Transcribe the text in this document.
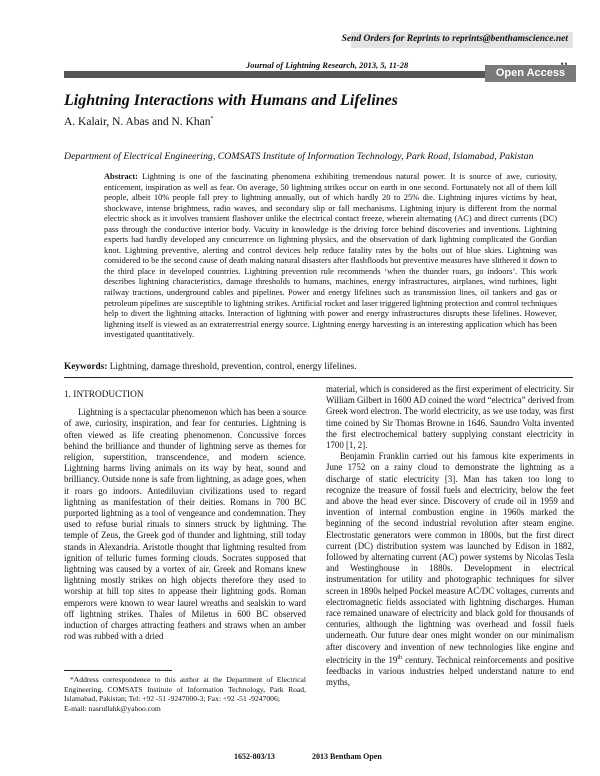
Send Orders for Reprints to reprints@benthamscience.net
Journal of Lightning Research, 2013, 5, 11-28
Open Access
Lightning Interactions with Humans and Lifelines
A. Kalair, N. Abas and N. Khan*
Department of Electrical Engineering, COMSATS Institute of Information Technology, Park Road, Islamabad, Pakistan
Abstract: Lightning is one of the fascinating phenomena exhibiting tremendous natural power. It is source of awe, curiosity, enticement, inspiration as well as fear. On average, 50 lightning strikes occur on earth in one second. Fortunately not all of them kill people, albeit 10% people fall prey to lightning annually, out of which hardly 20 to 25% die. Lightning injures victims by heat, shockwave, intense brightness, radio waves, and secondary slip or fall mechanisms. Lightning injury is different from the normal electric shock as it involves transient flashover unlike the electrical contact freeze, wherein alternating (AC) and direct currents (DC) pass through the conductive interior body. Vacuity in knowledge is the driving force behind discoveries and inventions. Lightning experts had hardly developed any concurrence on lightning physics, and the observation of dark lightning complicated the Gordian knot. Lightning preventive, alerting and control devices help reduce fatality rates by the bolts out of blue skies. Lightning was considered to be the second cause of death making natural disasters after flashfloods but preventive measures have slithered it down to the third place in developed countries. Lightning prevention rule recommends ‘when the thunder roars, go indoors’. This work describes lightning characteristics, damage thresholds to humans, machines, energy infrastructures, airplanes, wind turbines, light railway tractions, underground cables and pipelines. Power and energy lifelines such as transmission lines, oil tankers and gas or petroleum pipelines are susceptible to lightning strikes. Artificial rocket and laser triggered lightning protection and control techniques help to divert the lightning attacks. Interaction of lightning with power and energy infrastructures disrupts these lifelines. However, lightning itself is viewed as an extraterrestrial energy source. Lightning energy harvesting is an interesting application which has been investigated quantitatively.
Keywords: Lightning, damage threshold, prevention, control, energy lifelines.

1. INTRODUCTION

Lightning is a spectacular phenomenon which has been a source of awe, curiosity, inspiration, and fear for centuries. Lightning is often viewed as life creating phenomenon. Concussive forces behind the brilliance and thunder of lightning serve as themes for religion, superstition, transcendence, and modern science. Lightning harms living animals on its way by heat, sound and brilliancy. Outside none is safe from lightning, as adage goes, when it roars go indoors. Antediluvian civilizations used to regard lightning as manifestation of their deities. Romans in 700 BC purported lightning as a tool of vengeance and condemnation. They used to refuse burial rituals to sinners struck by lightning. The temple of Zeus, the Greek god of thunder and lightning, still today stands in Alexandria. Aristotle thought that lightning resulted from ignition of telluric fumes forming clouds. Socrates supposed that lightning was caused by a vortex of air. Greek and Romans knew lightning mostly strikes on high objects therefore they used to worship at hill top sites to appease their lightning gods. Roman emperors were known to wear laurel wreaths and sealskin to ward off lightning strikes. Thales of Miletus in 600 BC observed induction of charges attracting feathers and straws when an amber rod was rubbed with a dried

*Address correspondence to this author at the Department of Electrical Engineering, COMSATS Institute of Information Technology, Park Road, Islamabad, Pakistan; Tel: +92 -51 -9247000-3; Fax: +92 -51 -9247006;

E-mail: nasrullahk@yahoo.com

material, which is considered as the first experiment of electricity. Sir William Gilbert in 1600 AD coined the word “electrica” derived from Greek word electron. The world electricity, as we use today, was first time coined by Sir Thomas Browne in 1646. Saundro Volta invented the first electrochemical battery supplying constant electricity in 1700 [1, 2].

Benjamin Franklin carried out his famous kite experiments in June 1752 on a rainy cloud to demonstrate the lightning as a discharge of static electricity [3]. Man has taken too long to recognize the treasure of fossil fuels and electricity, below the feet and above the head ever since. Discovery of crude oil in 1959 and invention of internal combustion engine in 1960s marked the beginning of the second industrial revolution after steam engine. Electrostatic generators were common in 1800s, but the first direct current (DC) distribution system was launched by Edison in 1882, followed by alternating current (AC) power systems by Nicolas Tesla and Westinghouse in 1880s. Development in electrical instrumentation for utility and photographic techniques for silver screen in 1890s helped Pockel measure AC/DC voltages, currents and electromagnetic fields associated with lightning discharges. Human race remained unaware of electricity and black gold for thousands of centuries, although the lightning was overhead and fossil fuels underneath. Our future dear ones might wonder on our minimalism after discovery and invention of new technologies like engine and electricity in the 19th century. Technical reinforcements and positive feedbacks in various industries helped understand nature to end myths,

1652-803/13	2013 Bentham Open
